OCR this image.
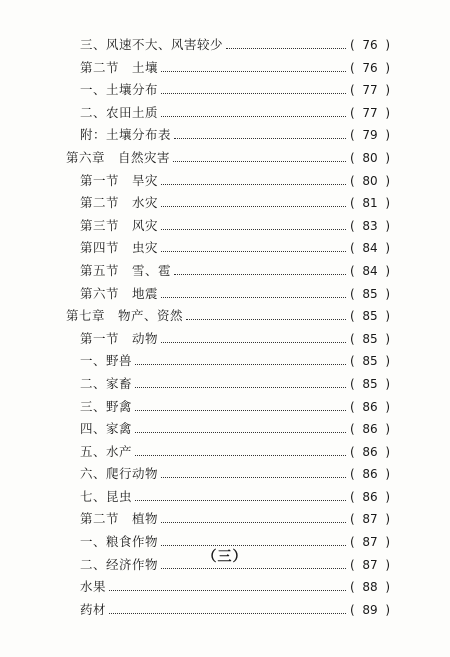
三、风速不大、风害较少	( 76 )
第二节　土壤	( 76 )
一、土壤分布	( 77 )
二、农田土质	( 77 )
附：土壤分布表	( 79 )
第六章　自然灾害	( 80 )
第一节　旱灾	( 80 )
第二节　水灾	( 81 )
第三节　风灾	( 83 )
第四节　虫灾	( 84 )
第五节　雪、雹	( 84 )
第六节　地震	( 85 )
第七章　物产、资然	( 85 )
第一节　动物	( 85 )
一、野兽	( 85 )
二、家畜	( 85 )
三、野禽	( 86 )
四、家禽	( 86 )
五、水产	( 86 )
六、爬行动物	( 86 )
七、昆虫	( 86 )
第二节　植物	( 87 )
一、粮食作物	( 87 )
二、经济作物	( 87 )
水果	( 88 )
药材	( 89 )
（三）
